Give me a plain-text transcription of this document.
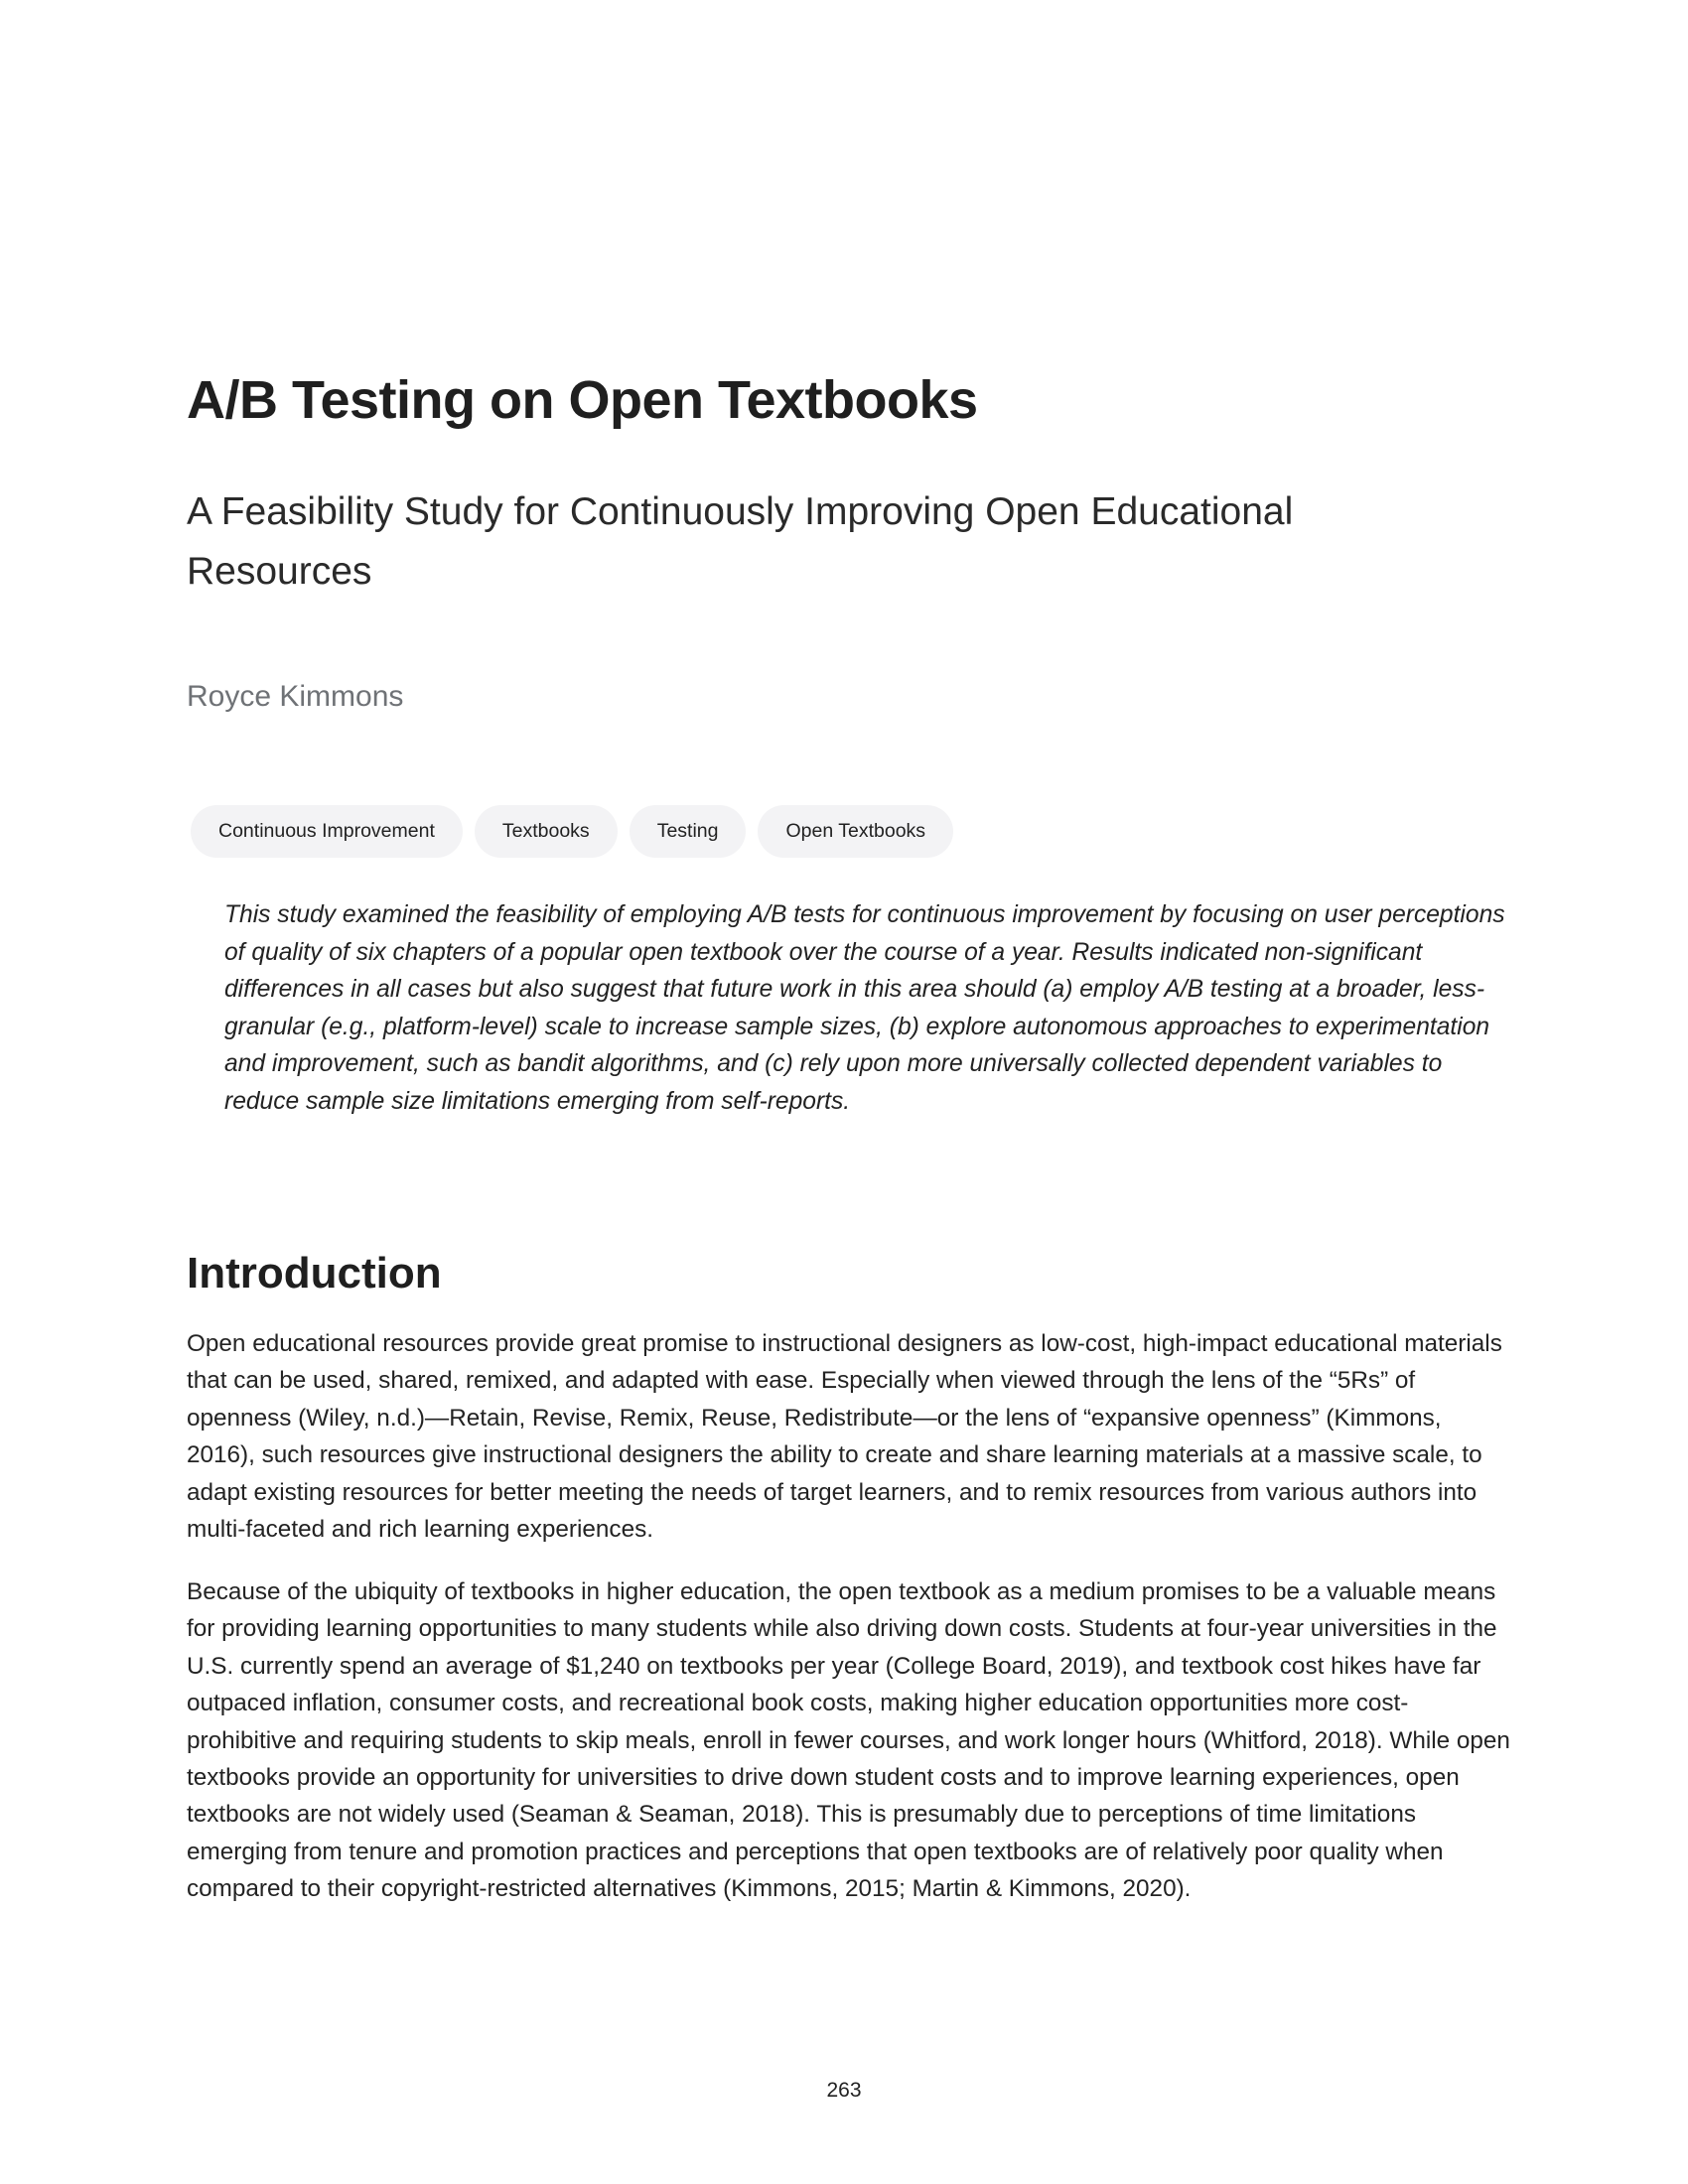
A/B Testing on Open Textbooks
A Feasibility Study for Continuously Improving Open Educational Resources

Royce Kimmons

Continuous Improvement	Textbooks	Testing	Open Textbooks

This study examined the feasibility of employing A/B tests for continuous improvement by focusing on user perceptions of quality of six chapters of a popular open textbook over the course of a year. Results indicated non-significant differences in all cases but also suggest that future work in this area should (a) employ A/B testing at a broader, less-granular (e.g., platform-level) scale to increase sample sizes, (b) explore autonomous approaches to experimentation and improvement, such as bandit algorithms, and (c) rely upon more universally collected dependent variables to reduce sample size limitations emerging from self-reports.

Introduction

Open educational resources provide great promise to instructional designers as low-cost, high-impact educational materials that can be used, shared, remixed, and adapted with ease. Especially when viewed through the lens of the “5Rs” of openness (Wiley, n.d.)—Retain, Revise, Remix, Reuse, Redistribute—or the lens of “expansive openness” (Kimmons, 2016), such resources give instructional designers the ability to create and share learning materials at a massive scale, to adapt existing resources for better meeting the needs of target learners, and to remix resources from various authors into multi-faceted and rich learning experiences.

Because of the ubiquity of textbooks in higher education, the open textbook as a medium promises to be a valuable means for providing learning opportunities to many students while also driving down costs. Students at four-year universities in the U.S. currently spend an average of $1,240 on textbooks per year (College Board, 2019), and textbook cost hikes have far outpaced inflation, consumer costs, and recreational book costs, making higher education opportunities more cost-prohibitive and requiring students to skip meals, enroll in fewer courses, and work longer hours (Whitford, 2018). While open textbooks provide an opportunity for universities to drive down student costs and to improve learning experiences, open textbooks are not widely used (Seaman & Seaman, 2018). This is presumably due to perceptions of time limitations emerging from tenure and promotion practices and perceptions that open textbooks are of relatively poor quality when compared to their copyright-restricted alternatives (Kimmons, 2015; Martin & Kimmons, 2020).

263
